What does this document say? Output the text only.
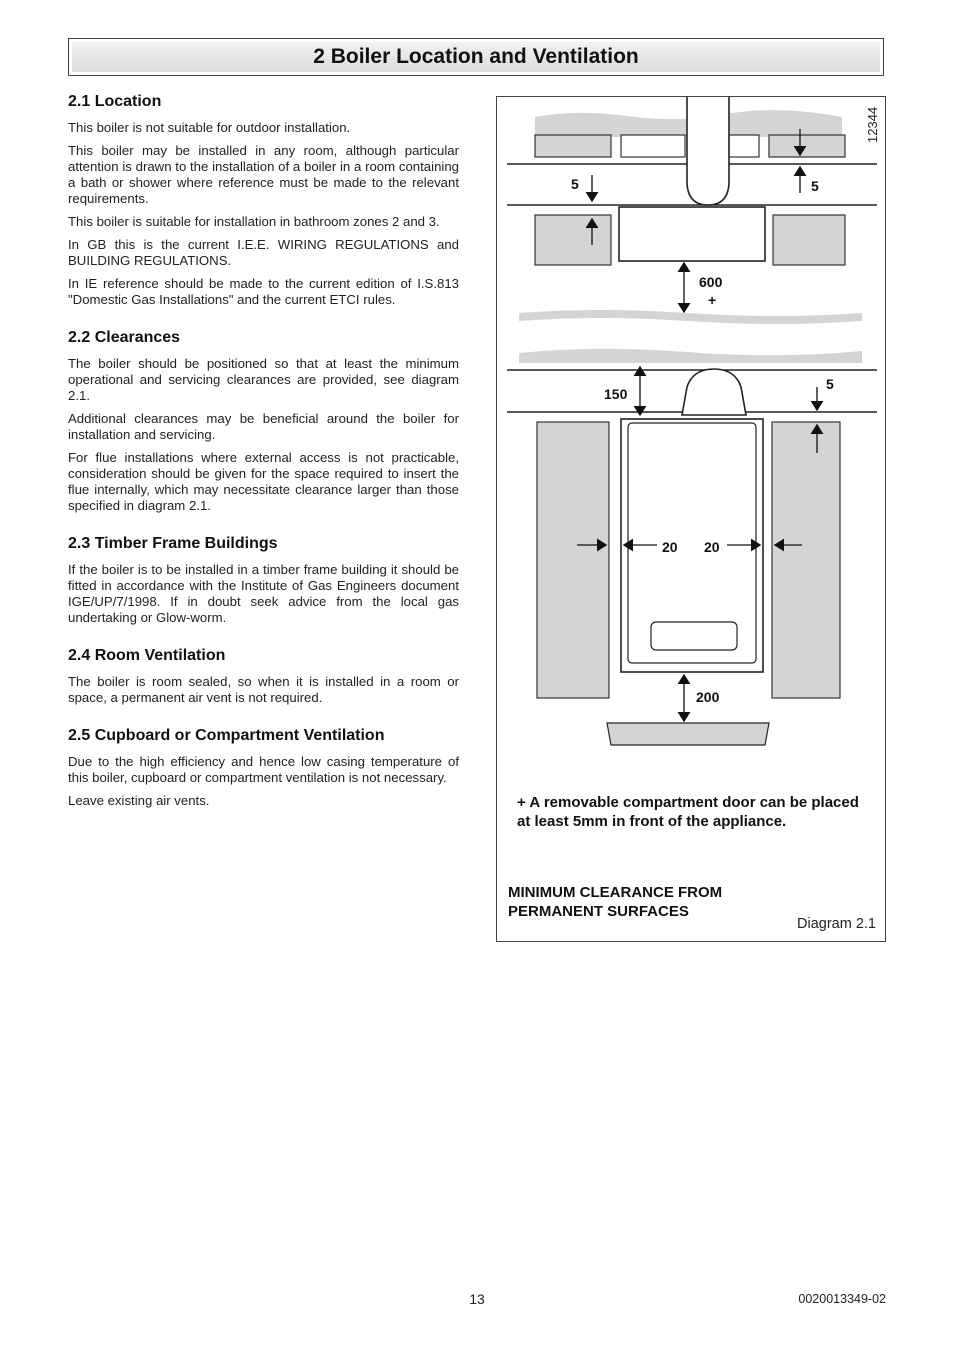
2 Boiler Location and Ventilation
2.1 Location

This boiler is not suitable for outdoor installation.

This boiler may be installed in any room, although particular attention is drawn to the installation of a boiler in a room containing a bath or shower where reference must be made to the relevant requirements.

This boiler is suitable for installation in bathroom zones 2 and 3.

In GB this is the current I.E.E. WIRING REGULATIONS and BUILDING REGULATIONS.

In IE reference should be made to the current edition of I.S.813 "Domestic Gas Installations" and the current ETCI rules.

2.2 Clearances

The boiler should be positioned so that at least the minimum operational and servicing clearances are provided, see diagram 2.1.

Additional clearances may be beneficial around the boiler for installation and servicing.

For flue installations where external access is not practicable, consideration should be given for the space required to insert the flue internally, which may necessitate clearance larger than those specified in diagram 2.1.

2.3 Timber Frame Buildings

If the boiler is to be installed in a timber frame building it should be fitted in accordance with the Institute of Gas Engineers document IGE/UP/7/1998. If in doubt seek advice from the local gas undertaking or Glow-worm.

2.4 Room Ventilation

The boiler is room sealed, so when it is installed in a room or space, a permanent air vent is not required.

2.5 Cupboard or Compartment Ventilation

Due to the high efficiency and hence low casing temperature of this boiler, cupboard or compartment ventilation is not necessary.

Leave existing air vents.

5	5
600
+
150
5
20 20
200
12344
+ A removable compartment door can be placed at least 5mm in front of the appliance.
MINIMUM CLEARANCE FROM PERMANENT SURFACES
Diagram 2.1
13	0020013349-02
